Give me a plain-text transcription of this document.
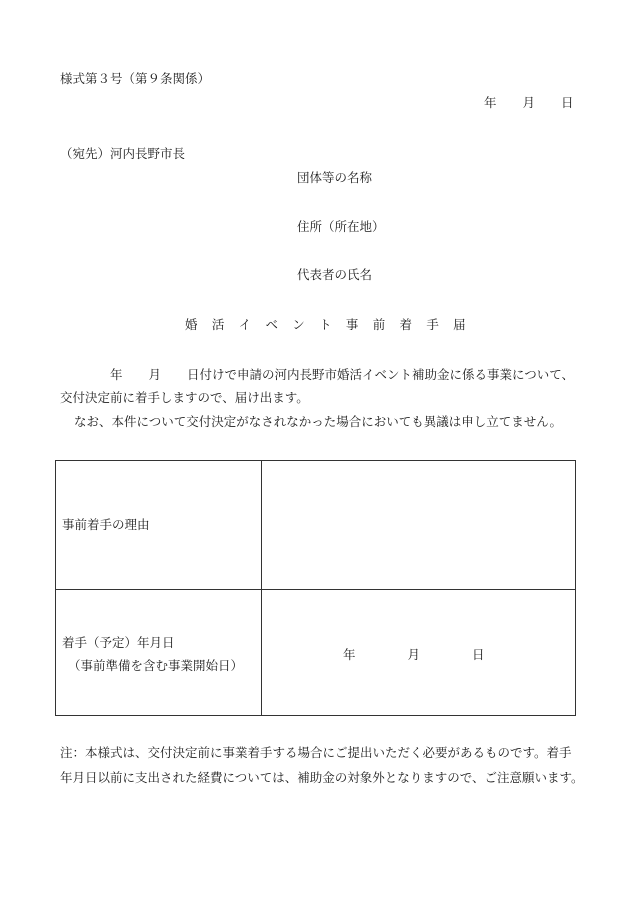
様式第３号（第９条関係）
年 月 日
（宛先）河内長野市長
団体等の名称
住所（所在地）
代表者の氏名
婚 活 イ ベ ン ト 事 前 着 手 届
年 月 日付けで申請の河内長野市婚活イベント補助金に係る事業について、
交付決定前に着手しますので、届け出ます。
なお、本件について交付決定がなされなかった場合においても異議は申し立てません。
事前着手の理由
着手（予定）年月日
（事前準備を含む事業開始日）
年	月	日
注：本様式は、交付決定前に事業着手する場合にご提出いただく必要があるものです。着手
年月日以前に支出された経費については、補助金の対象外となりますので、ご注意願います。
